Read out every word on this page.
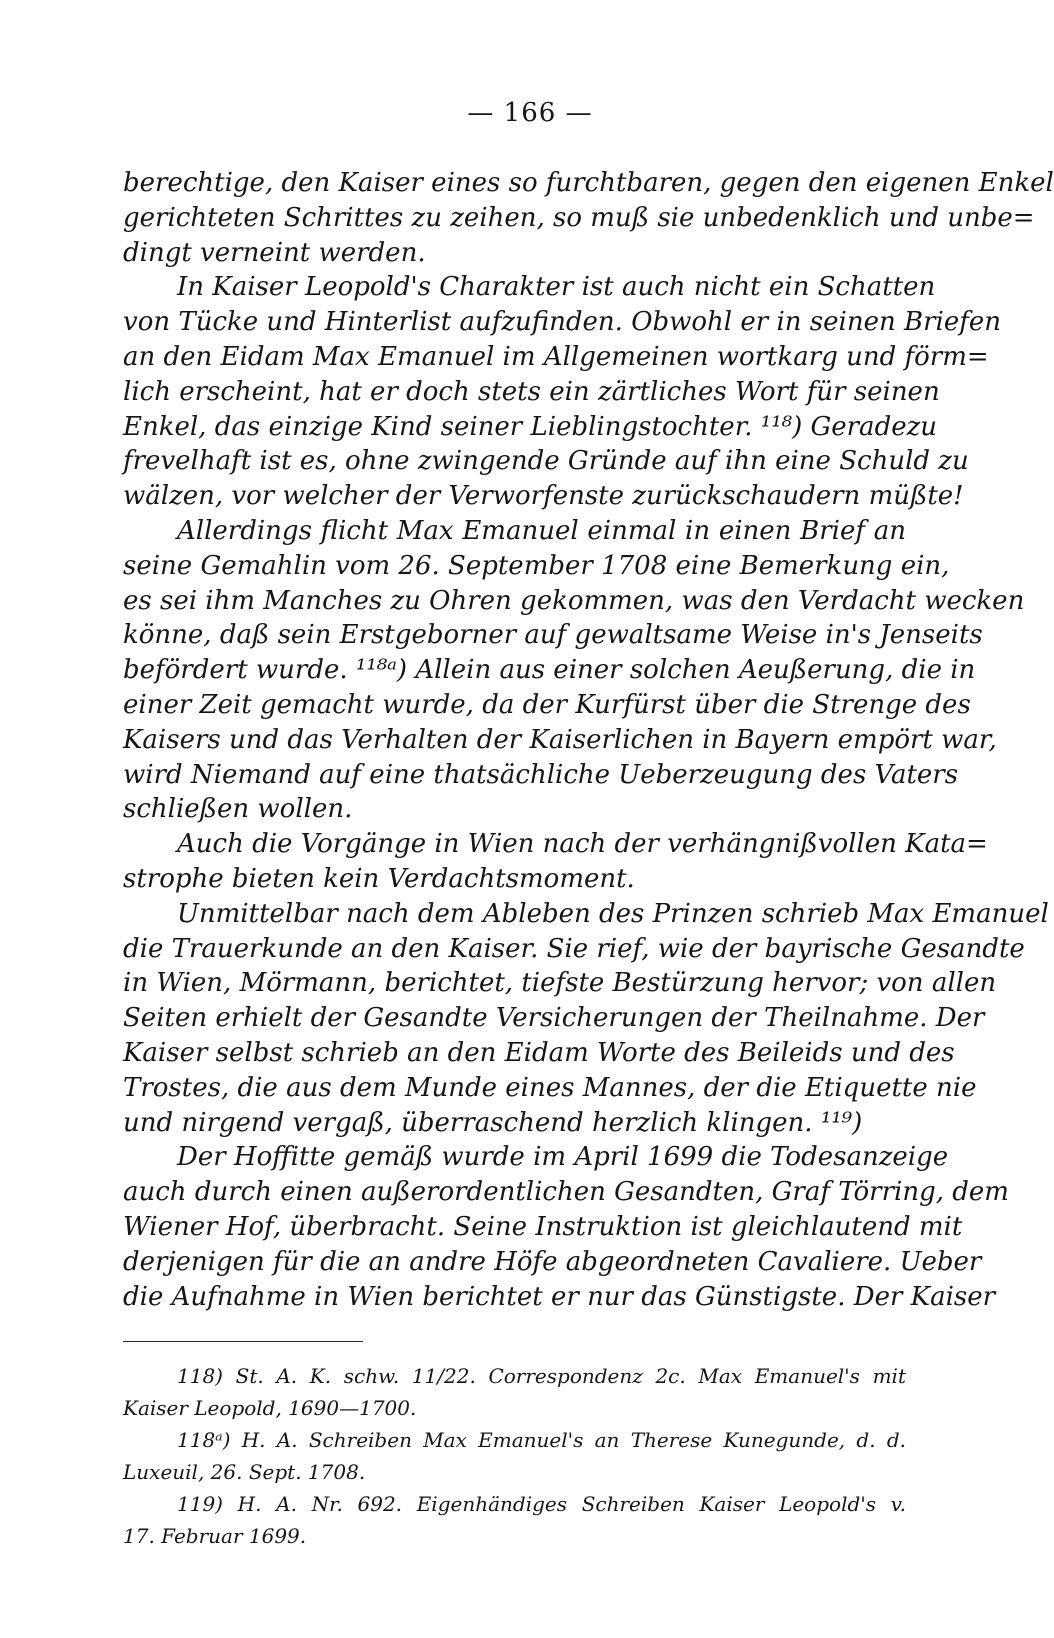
— 166 —
berechtige, den Kaiser eines so furchtbaren, gegen den eigenen Enkel
gerichteten Schrittes zu zeihen, so muß sie unbedenklich und unbe=
dingt verneint werden.
In Kaiser Leopold's Charakter ist auch nicht ein Schatten
von Tücke und Hinterlist aufzufinden. Obwohl er in seinen Briefen
an den Eidam Max Emanuel im Allgemeinen wortkarg und förm=
lich erscheint, hat er doch stets ein zärtliches Wort für seinen
Enkel, das einzige Kind seiner Lieblingstochter. ¹¹⁸) Geradezu
frevelhaft ist es, ohne zwingende Gründe auf ihn eine Schuld zu
wälzen, vor welcher der Verworfenste zurückschaudern müßte!
Allerdings flicht Max Emanuel einmal in einen Brief an
seine Gemahlin vom 26. September 1708 eine Bemerkung ein,
es sei ihm Manches zu Ohren gekommen, was den Verdacht wecken
könne, daß sein Erstgeborner auf gewaltsame Weise in's Jenseits
befördert wurde. ¹¹⁸ᵃ) Allein aus einer solchen Aeußerung, die in
einer Zeit gemacht wurde, da der Kurfürst über die Strenge des
Kaisers und das Verhalten der Kaiserlichen in Bayern empört war,
wird Niemand auf eine thatsächliche Ueberzeugung des Vaters
schließen wollen.
Auch die Vorgänge in Wien nach der verhängnißvollen Kata=
strophe bieten kein Verdachtsmoment.
Unmittelbar nach dem Ableben des Prinzen schrieb Max Emanuel
die Trauerkunde an den Kaiser. Sie rief, wie der bayrische Gesandte
in Wien, Mörmann, berichtet, tiefste Bestürzung hervor; von allen
Seiten erhielt der Gesandte Versicherungen der Theilnahme. Der
Kaiser selbst schrieb an den Eidam Worte des Beileids und des
Trostes, die aus dem Munde eines Mannes, der die Etiquette nie
und nirgend vergaß, überraschend herzlich klingen. ¹¹⁹)
Der Hoffitte gemäß wurde im April 1699 die Todesanzeige
auch durch einen außerordentlichen Gesandten, Graf Törring, dem
Wiener Hof, überbracht. Seine Instruktion ist gleichlautend mit
derjenigen für die an andre Höfe abgeordneten Cavaliere. Ueber
die Aufnahme in Wien berichtet er nur das Günstigste. Der Kaiser
118) St. A. K. schw. 11/22. Correspondenz 2c. Max Emanuel's mit
Kaiser Leopold, 1690—1700.
118ᵃ) H. A. Schreiben Max Emanuel's an Therese Kunegunde, d. d.
Luxeuil, 26. Sept. 1708.
119) H. A. Nr. 692. Eigenhändiges Schreiben Kaiser Leopold's v.
17. Februar 1699.
